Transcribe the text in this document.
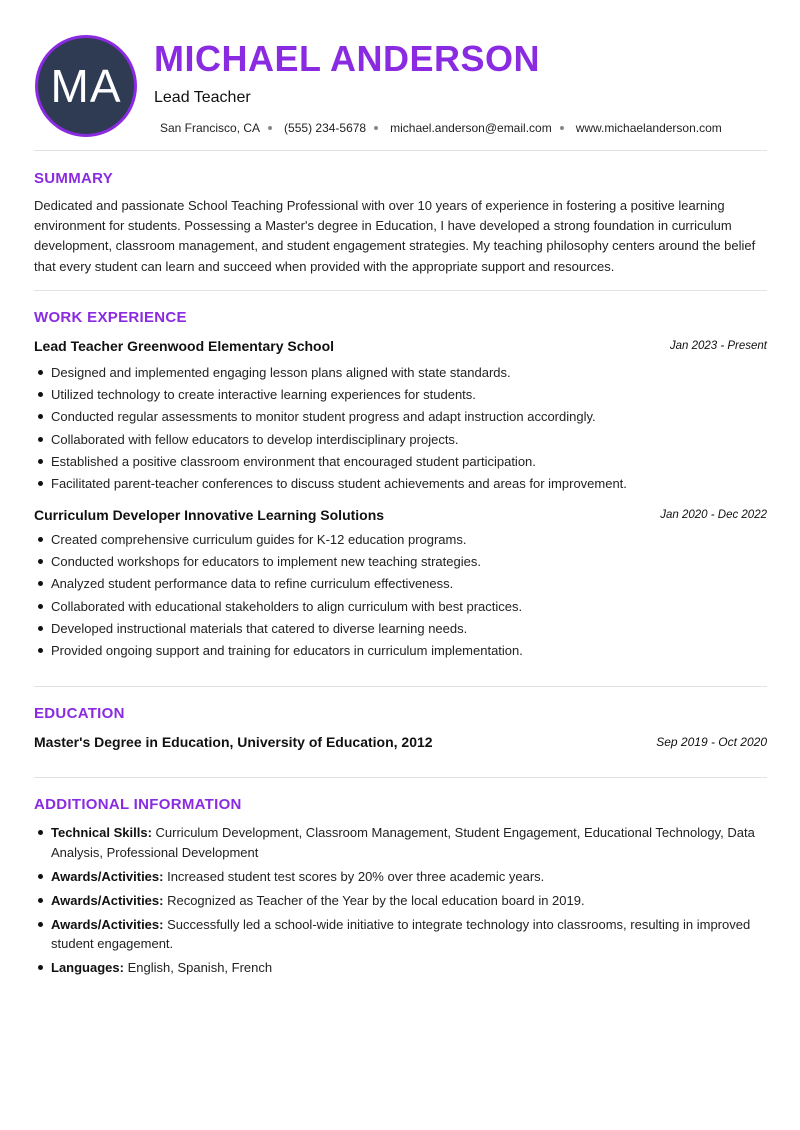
MA
MICHAEL ANDERSON
Lead Teacher
San Francisco, CA (555) 234-5678 michael.anderson@email.com www.michaelanderson.com
SUMMARY
Dedicated and passionate School Teaching Professional with over 10 years of experience in fostering a positive learning environment for students. Possessing a Master's degree in Education, I have developed a strong foundation in curriculum development, classroom management, and student engagement strategies. My teaching philosophy centers around the belief that every student can learn and succeed when provided with the appropriate support and resources.
WORK EXPERIENCE
Lead Teacher Greenwood Elementary School	Jan 2023 - Present
Designed and implemented engaging lesson plans aligned with state standards.
Utilized technology to create interactive learning experiences for students.
Conducted regular assessments to monitor student progress and adapt instruction accordingly.
Collaborated with fellow educators to develop interdisciplinary projects.
Established a positive classroom environment that encouraged student participation.
Facilitated parent-teacher conferences to discuss student achievements and areas for improvement.
Curriculum Developer Innovative Learning Solutions	Jan 2020 - Dec 2022
Created comprehensive curriculum guides for K-12 education programs.
Conducted workshops for educators to implement new teaching strategies.
Analyzed student performance data to refine curriculum effectiveness.
Collaborated with educational stakeholders to align curriculum with best practices.
Developed instructional materials that catered to diverse learning needs.
Provided ongoing support and training for educators in curriculum implementation.
EDUCATION
Master's Degree in Education, University of Education, 2012	Sep 2019 - Oct 2020
ADDITIONAL INFORMATION
Technical Skills: Curriculum Development, Classroom Management, Student Engagement, Educational Technology, Data Analysis, Professional Development
Awards/Activities: Increased student test scores by 20% over three academic years.
Awards/Activities: Recognized as Teacher of the Year by the local education board in 2019.
Awards/Activities: Successfully led a school-wide initiative to integrate technology into classrooms, resulting in improved student engagement.
Languages: English, Spanish, French
